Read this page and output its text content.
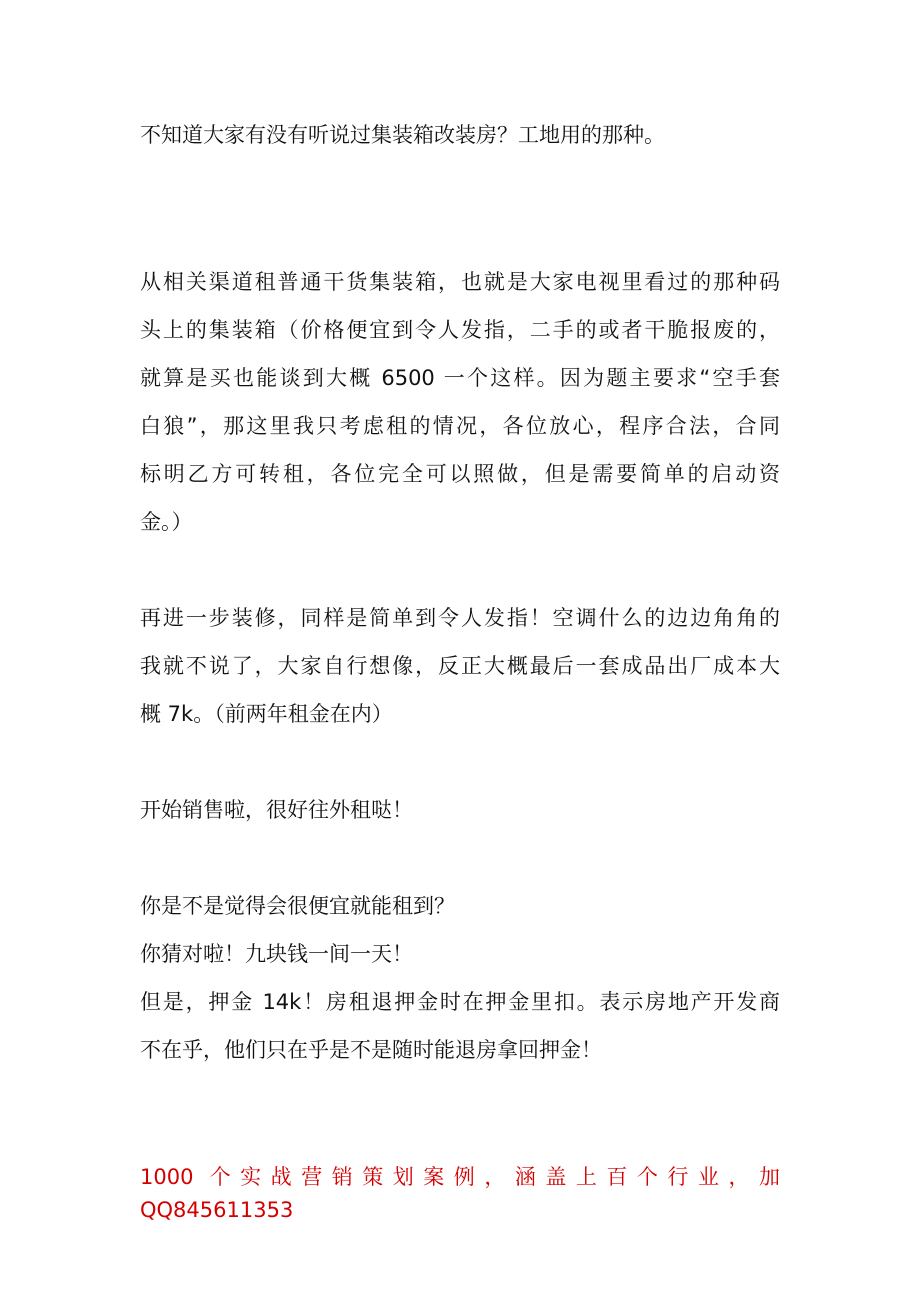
不知道大家有没有听说过集装箱改装房？工地用的那种。
从相关渠道租普通干货集装箱，也就是大家电视里看过的那种码
头上的集装箱（价格便宜到令人发指，二手的或者干脆报废的，
就算是买也能谈到大概 6500 一个这样。因为题主要求“空手套
白狼”，那这里我只考虑租的情况，各位放心，程序合法，合同
标明乙方可转租，各位完全可以照做，但是需要简单的启动资
金。）
再进一步装修，同样是简单到令人发指！空调什么的边边角角的
我就不说了，大家自行想像，反正大概最后一套成品出厂成本大
概 7k。（前两年租金在内）
开始销售啦，很好往外租哒！
你是不是觉得会很便宜就能租到？
你猜对啦！九块钱一间一天！
但是，押金 14k！房租退押金时在押金里扣。表示房地产开发商
不在乎，他们只在乎是不是随时能退房拿回押金！
1000 个实战营销策划案例，涵盖上百个行业，加
QQ845611353
